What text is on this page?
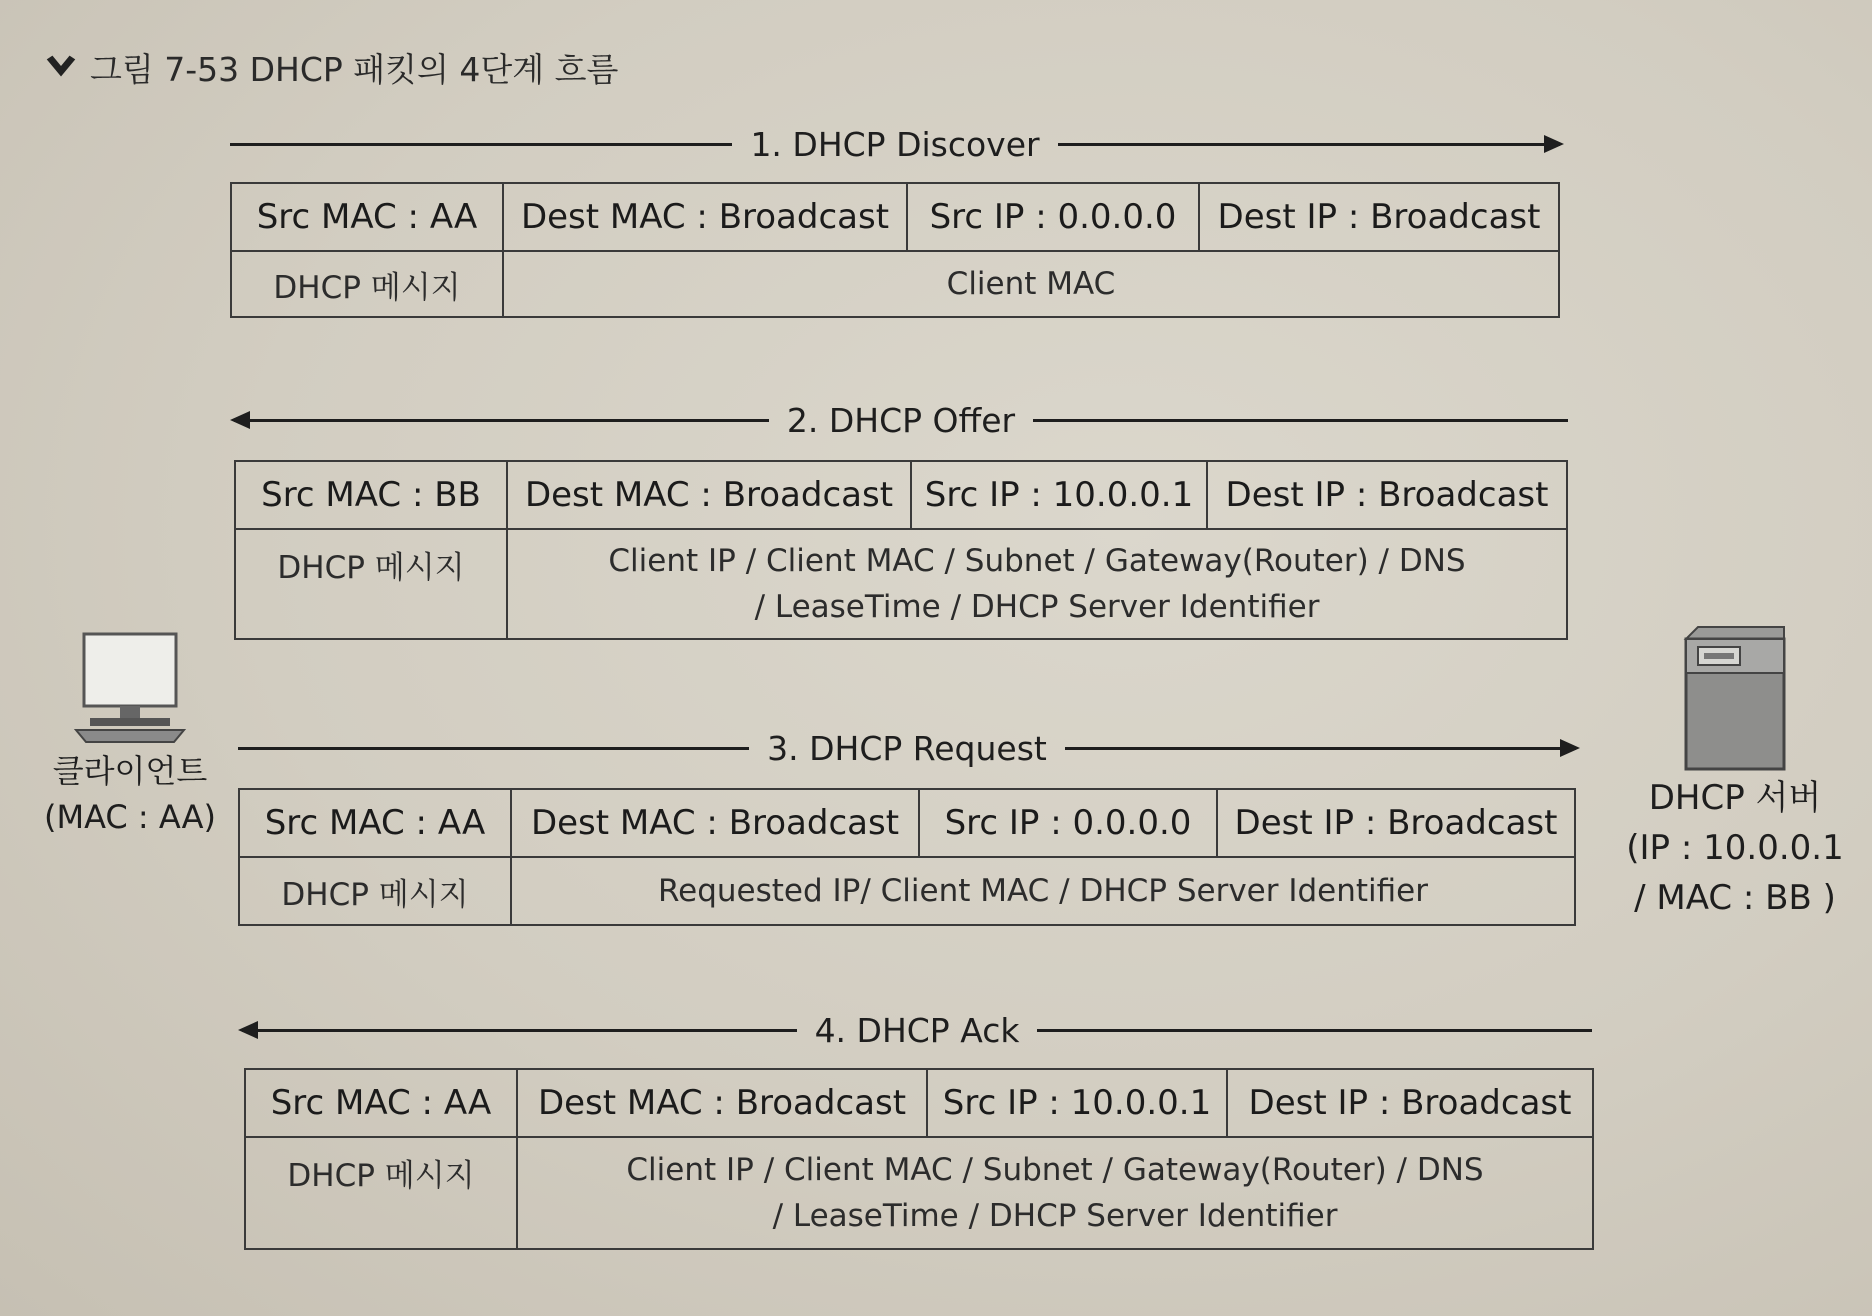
그림 7-53 DHCP 패킷의 4단계 흐름
1. DHCP Discover
Src MAC : AA	Dest MAC : Broadcast	Src IP : 0.0.0.0	Dest IP : Broadcast
DHCP 메시지	Client MAC		
2. DHCP Offer
Src MAC : BB	Dest MAC : Broadcast	Src IP : 10.0.0.1	Dest IP : Broadcast
DHCP 메시지	Client IP / Client MAC / Subnet / Gateway(Router) / DNS
/ LeaseTime / DHCP Server Identifier		
3. DHCP Request
Src MAC : AA	Dest MAC : Broadcast	Src IP : 0.0.0.0	Dest IP : Broadcast
DHCP 메시지	Requested IP/ Client MAC / DHCP Server Identifier		
4. DHCP Ack
Src MAC : AA	Dest MAC : Broadcast	Src IP : 10.0.0.1	Dest IP : Broadcast
DHCP 메시지	Client IP / Client MAC / Subnet / Gateway(Router) / DNS
/ LeaseTime / DHCP Server Identifier		
클라이언트
(MAC : AA)	DHCP 서버
(IP : 10.0.0.1
/ MAC : BB )
